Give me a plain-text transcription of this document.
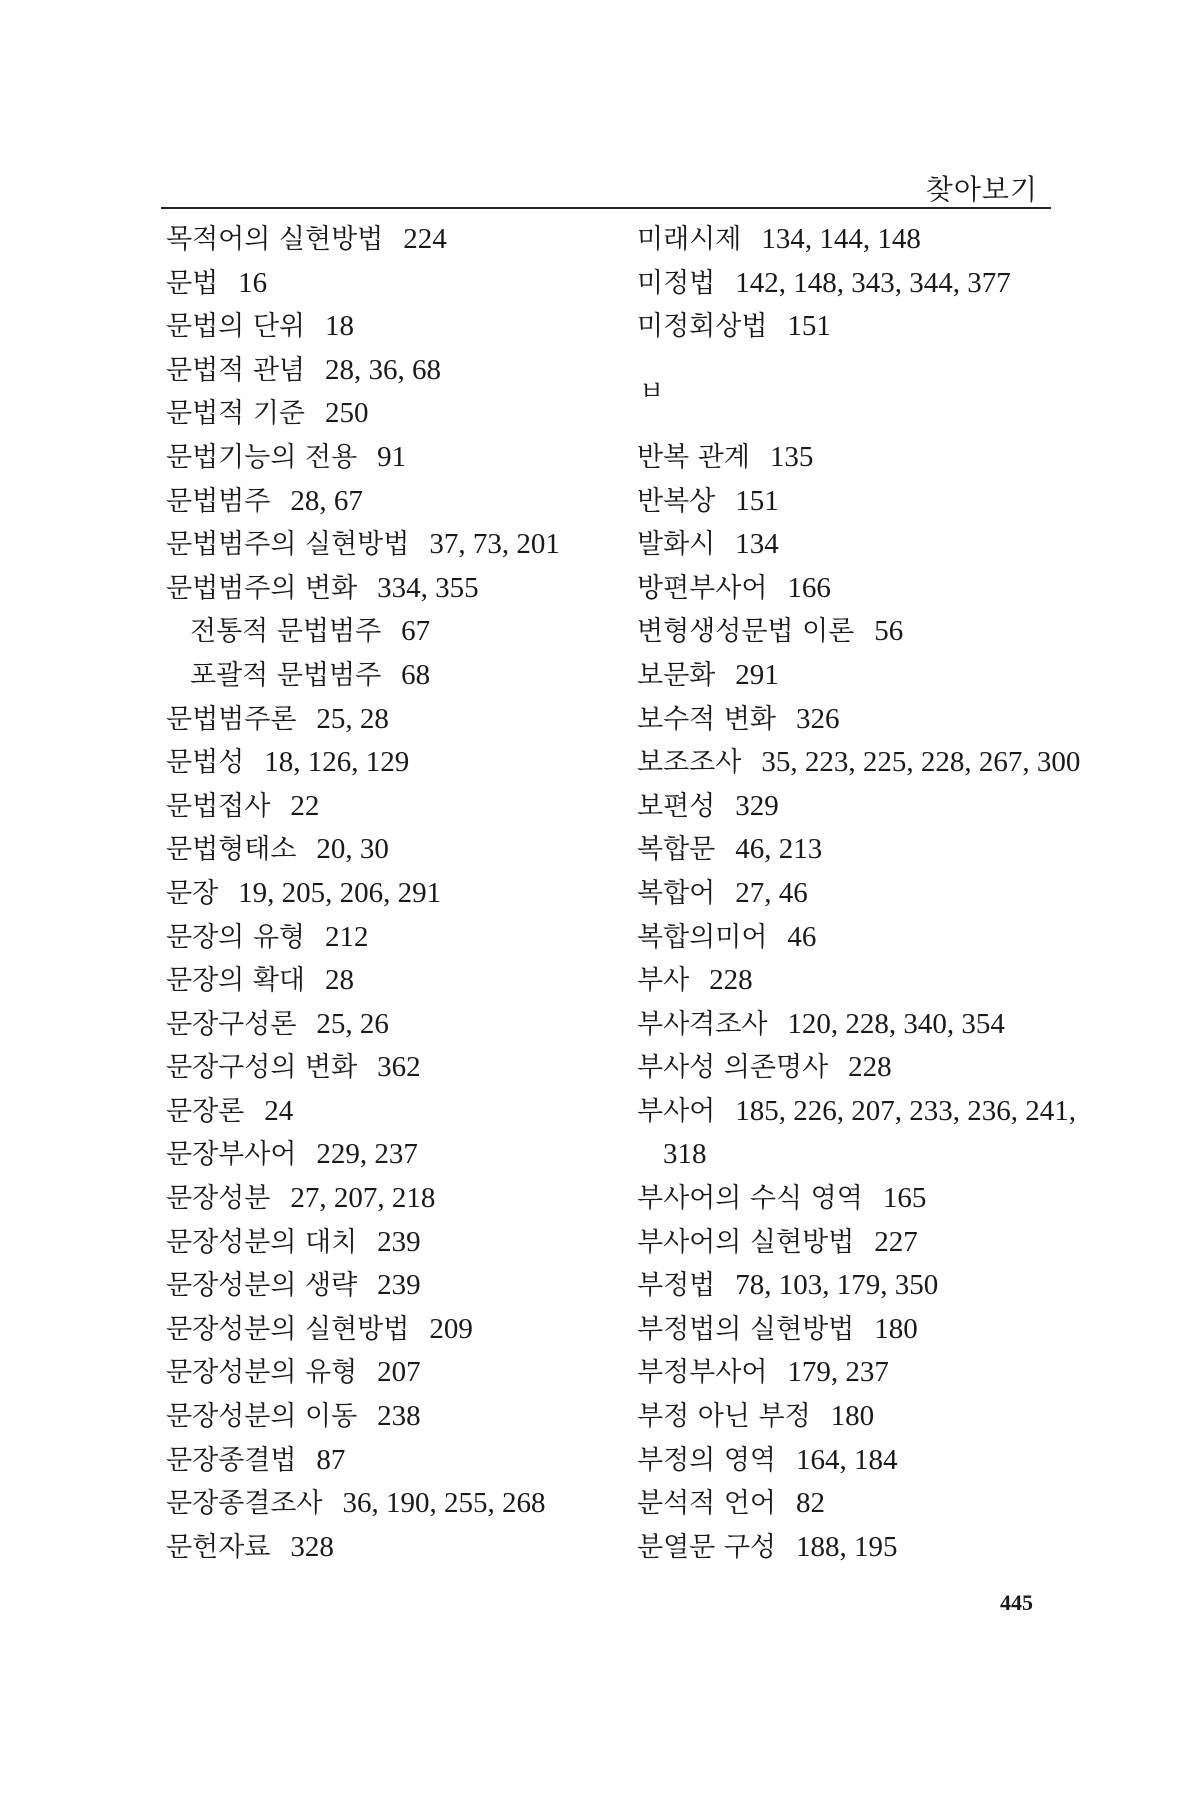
찾아보기
목적어의 실현방법 224
문법 16
문법의 단위 18
문법적 관념 28, 36, 68
문법적 기준 250
문법기능의 전용 91
문법범주 28, 67
문법범주의 실현방법 37, 73, 201
문법범주의 변화 334, 355
전통적 문법범주 67
포괄적 문법범주 68
문법범주론 25, 28
문법성 18, 126, 129
문법접사 22
문법형태소 20, 30
문장 19, 205, 206, 291
문장의 유형 212
문장의 확대 28
문장구성론 25, 26
문장구성의 변화 362
문장론 24
문장부사어 229, 237
문장성분 27, 207, 218
문장성분의 대치 239
문장성분의 생략 239
문장성분의 실현방법 209
문장성분의 유형 207
문장성분의 이동 238
문장종결법 87
문장종결조사 36, 190, 255, 268
문헌자료 328
미래시제 134, 144, 148
미정법 142, 148, 343, 344, 377
미정회상법 151
ㅂ
반복 관계 135
반복상 151
발화시 134
방편부사어 166
변형생성문법 이론 56
보문화 291
보수적 변화 326
보조조사 35, 223, 225, 228, 267, 300
보편성 329
복합문 46, 213
복합어 27, 46
복합의미어 46
부사 228
부사격조사 120, 228, 340, 354
부사성 의존명사 228
부사어 185, 226, 207, 233, 236, 241,
318
부사어의 수식 영역 165
부사어의 실현방법 227
부정법 78, 103, 179, 350
부정법의 실현방법 180
부정부사어 179, 237
부정 아닌 부정 180
부정의 영역 164, 184
분석적 언어 82
분열문 구성 188, 195
445
